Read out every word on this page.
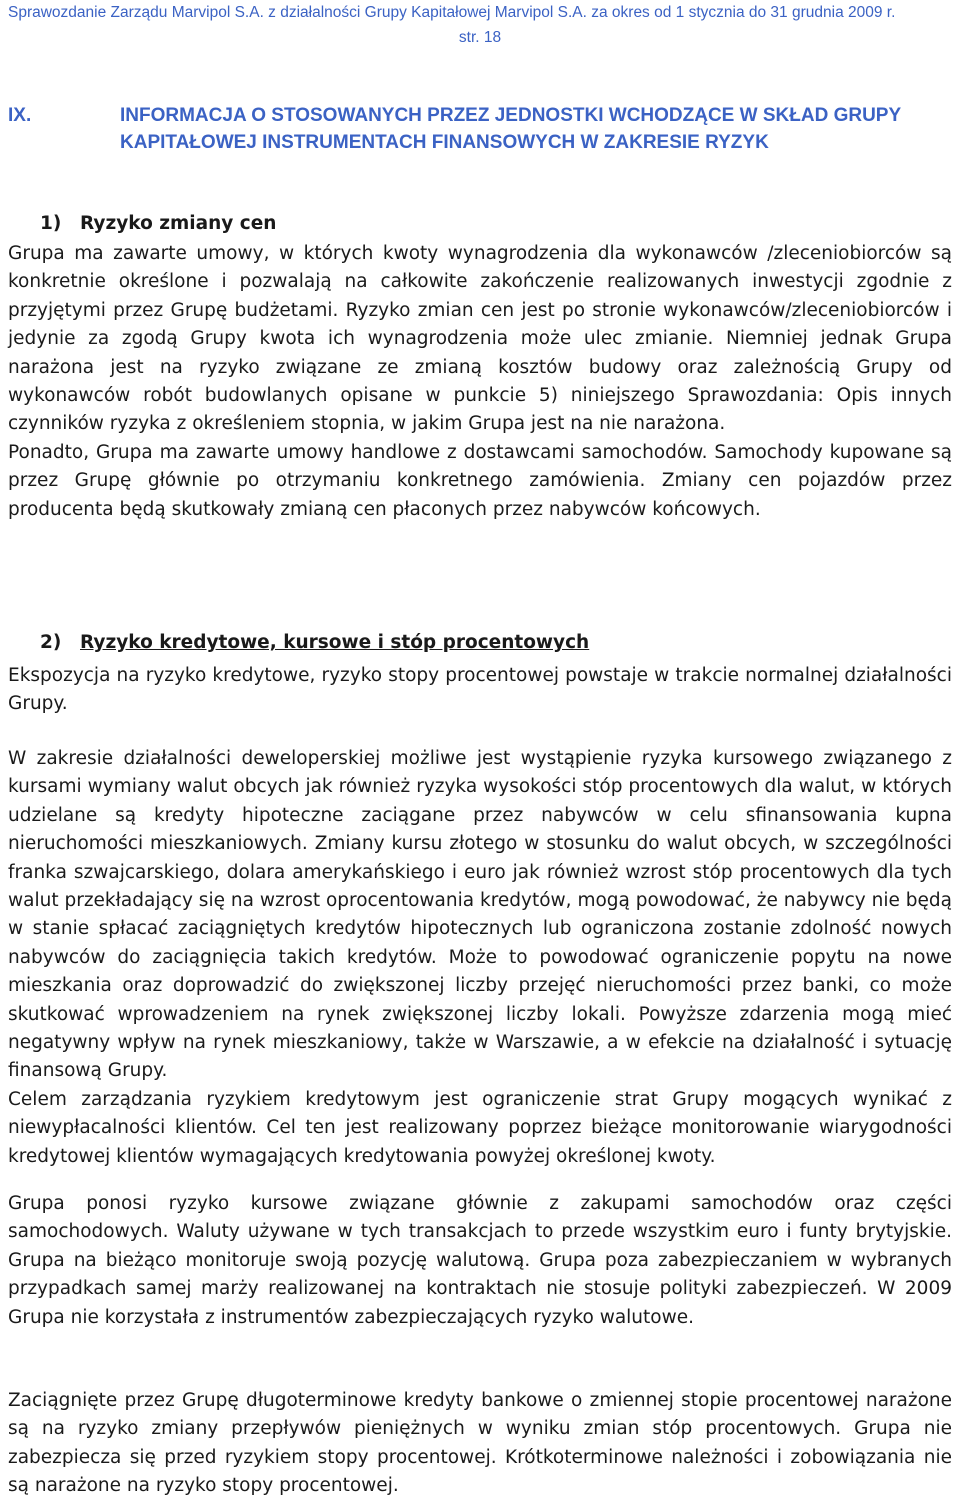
Sprawozdanie Zarządu Marvipol S.A. z działalności Grupy Kapitałowej Marvipol S.A. za okres od 1 stycznia do 31 grudnia 2009 r.
str. 18
IX.	INFORMACJA O STOSOWANYCH PRZEZ JEDNOSTKI WCHODZĄCE W SKŁAD GRUPY KAPITAŁOWEJ INSTRUMENTACH FINANSOWYCH W ZAKRESIE RYZYK
1) Ryzyko zmiany cen

Grupa ma zawarte umowy, w których kwoty wynagrodzenia dla wykonawców /zleceniobiorców są konkretnie określone i pozwalają na całkowite zakończenie realizowanych inwestycji zgodnie z przyjętymi przez Grupę budżetami. Ryzyko zmian cen jest po stronie wykonawców/zleceniobiorców i jedynie za zgodą Grupy kwota ich wynagrodzenia może ulec zmianie. Niemniej jednak Grupa narażona jest na ryzyko związane ze zmianą kosztów budowy oraz zależnością Grupy od wykonawców robót budowlanych opisane w punkcie 5) niniejszego Sprawozdania: Opis innych czynników ryzyka z określeniem stopnia, w jakim Grupa jest na nie narażona.

Ponadto, Grupa ma zawarte umowy handlowe z dostawcami samochodów. Samochody kupowane są przez Grupę głównie po otrzymaniu konkretnego zamówienia. Zmiany cen pojazdów przez producenta będą skutkowały zmianą cen płaconych przez nabywców końcowych.

2) Ryzyko kredytowe, kursowe i stóp procentowych

Ekspozycja na ryzyko kredytowe, ryzyko stopy procentowej powstaje w trakcie normalnej działalności Grupy.

W zakresie działalności deweloperskiej możliwe jest wystąpienie ryzyka kursowego związanego z kursami wymiany walut obcych jak również ryzyka wysokości stóp procentowych dla walut, w których udzielane są kredyty hipoteczne zaciągane przez nabywców w celu sfinansowania kupna nieruchomości mieszkaniowych. Zmiany kursu złotego w stosunku do walut obcych, w szczególności franka szwajcarskiego, dolara amerykańskiego i euro jak również wzrost stóp procentowych dla tych walut przekładający się na wzrost oprocentowania kredytów, mogą powodować, że nabywcy nie będą w stanie spłacać zaciągniętych kredytów hipotecznych lub ograniczona zostanie zdolność nowych nabywców do zaciągnięcia takich kredytów. Może to powodować ograniczenie popytu na nowe mieszkania oraz doprowadzić do zwiększonej liczby przejęć nieruchomości przez banki, co może skutkować wprowadzeniem na rynek zwiększonej liczby lokali. Powyższe zdarzenia mogą mieć negatywny wpływ na rynek mieszkaniowy, także w Warszawie, a w efekcie na działalność i sytuację finansową Grupy.

Celem zarządzania ryzykiem kredytowym jest ograniczenie strat Grupy mogących wynikać z niewypłacalności klientów. Cel ten jest realizowany poprzez bieżące monitorowanie wiarygodności kredytowej klientów wymagających kredytowania powyżej określonej kwoty.

Grupa ponosi ryzyko kursowe związane głównie z zakupami samochodów oraz części samochodowych. Waluty używane w tych transakcjach to przede wszystkim euro i funty brytyjskie. Grupa na bieżąco monitoruje swoją pozycję walutową. Grupa poza zabezpieczaniem w wybranych przypadkach samej marży realizowanej na kontraktach nie stosuje polityki zabezpieczeń. W 2009 Grupa nie korzystała z instrumentów zabezpieczających ryzyko walutowe.

Zaciągnięte przez Grupę długoterminowe kredyty bankowe o zmiennej stopie procentowej narażone są na ryzyko zmiany przepływów pieniężnych w wyniku zmian stóp procentowych. Grupa nie zabezpiecza się przed ryzykiem stopy procentowej. Krótkoterminowe należności i zobowiązania nie są narażone na ryzyko stopy procentowej.
